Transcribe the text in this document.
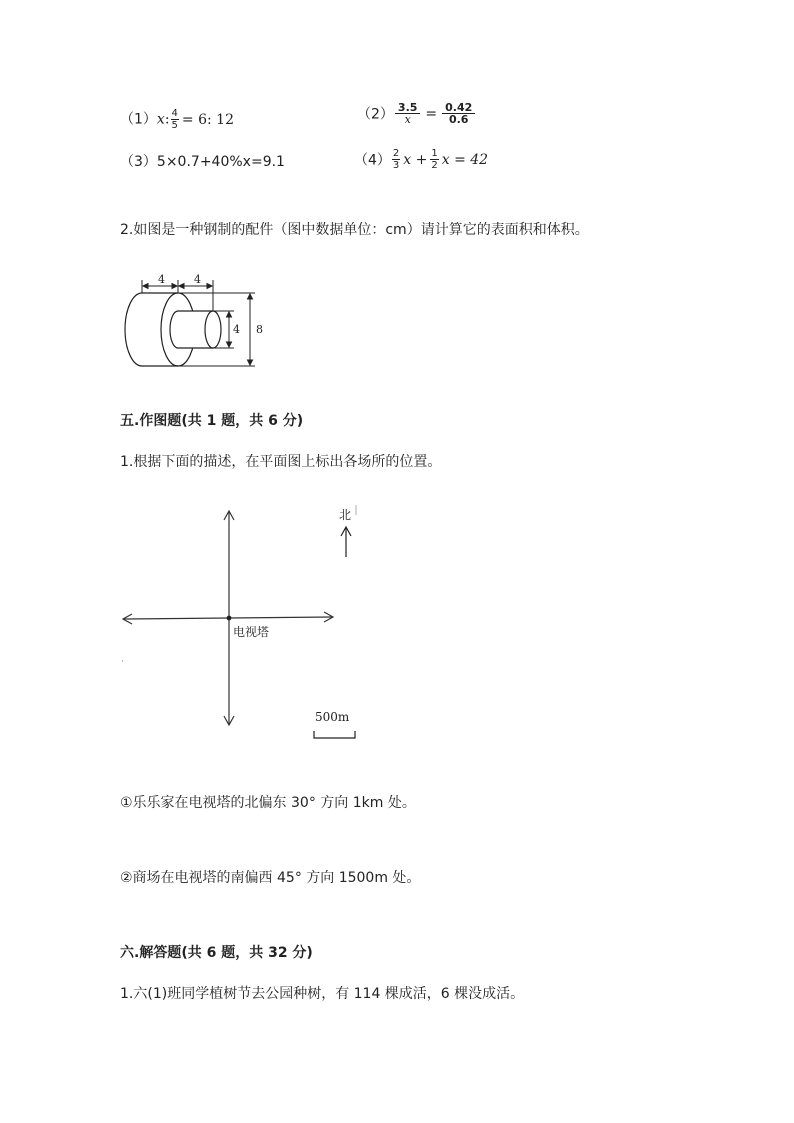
（1）x: $\frac{4}{5} = 6$: 12	$(2) \frac{3.5}{x} = \frac{0.42}{0.6}$
（3）5×0.7+40%x=9.1	$(4) \frac{2}{3}$ $x + \frac{1}{2}$ x = 42
2.如图是一种钢制的配件（图中数据单位：cm）请计算它的表面积和体积。
4	4
4 8
五.作图题(共 1 题，共 6 分)
1.根据下面的描述，在平面图上标出各场所的位置。
电视塔
北
500m
①乐乐家在电视塔的北偏东 30° 方向 1km 处。
②商场在电视塔的南偏西 45° 方向 1500m 处。
六.解答题(共 6 题，共 32 分)
1.六(1)班同学植树节去公园种树，有 114 棵成活，6 棵没成活。
